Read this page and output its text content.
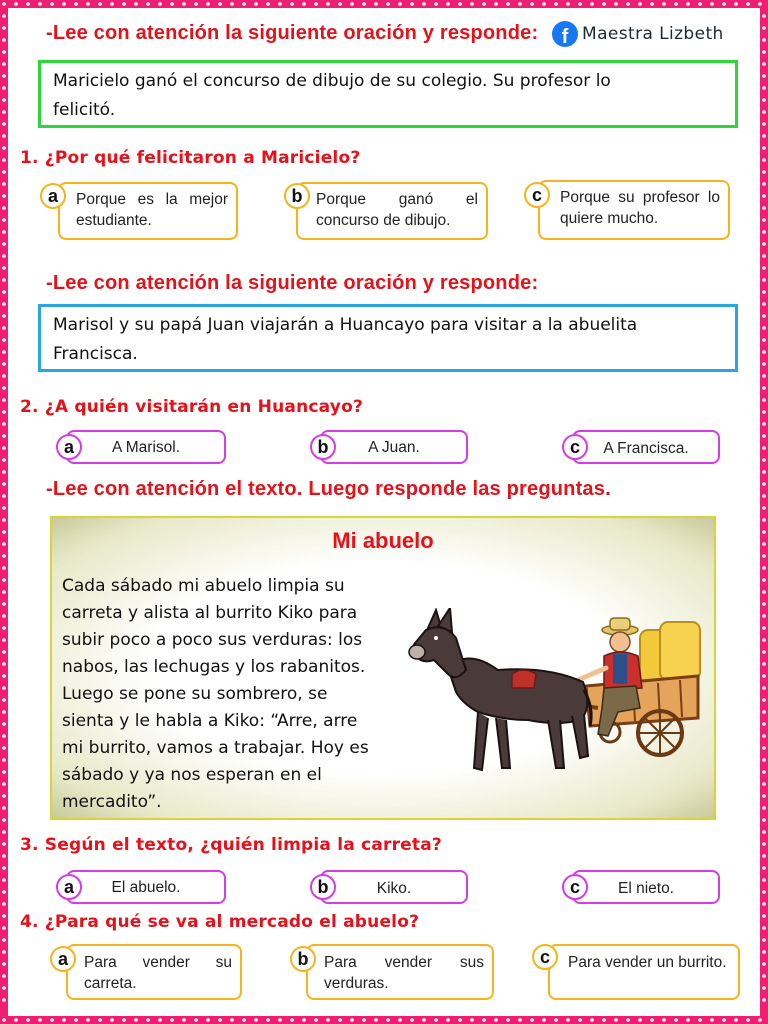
-Lee con atención la siguiente oración y responde:	f Maestra Lizbeth
Maricielo ganó el concurso de dibujo de su colegio. Su profesor lo
felicitó.
1. ¿Por qué felicitaron a Maricielo?
Porque es la mejor estudiante.
a	Porque ganó el concurso de dibujo.
b	Porque su profesor lo quiere mucho.
c
-Lee con atención la siguiente oración y responde:
Marisol y su papá Juan viajarán a Huancayo para visitar a la abuelita
Francisca.
2. ¿A quién visitarán en Huancayo?
A Marisol.
a	A Juan.
b	A Francisca.
c
-Lee con atención el texto. Luego responde las preguntas.
Mi abuelo
Cada sábado mi abuelo limpia su
carreta y alista al burrito Kiko para
subir poco a poco sus verduras: los
nabos, las lechugas y los rabanitos.
Luego se pone su sombrero, se
sienta y le habla a Kiko: “Arre, arre
mi burrito, vamos a trabajar. Hoy es
sábado y ya nos esperan en el
mercadito”.
3. Según el texto, ¿quién limpia la carreta?
El abuelo.
a	Kiko.
b	El nieto.
c
4. ¿Para qué se va al mercado el abuelo?
Para vender su carreta.
a	Para vender sus verduras.
b	Para vender un burrito.
c
